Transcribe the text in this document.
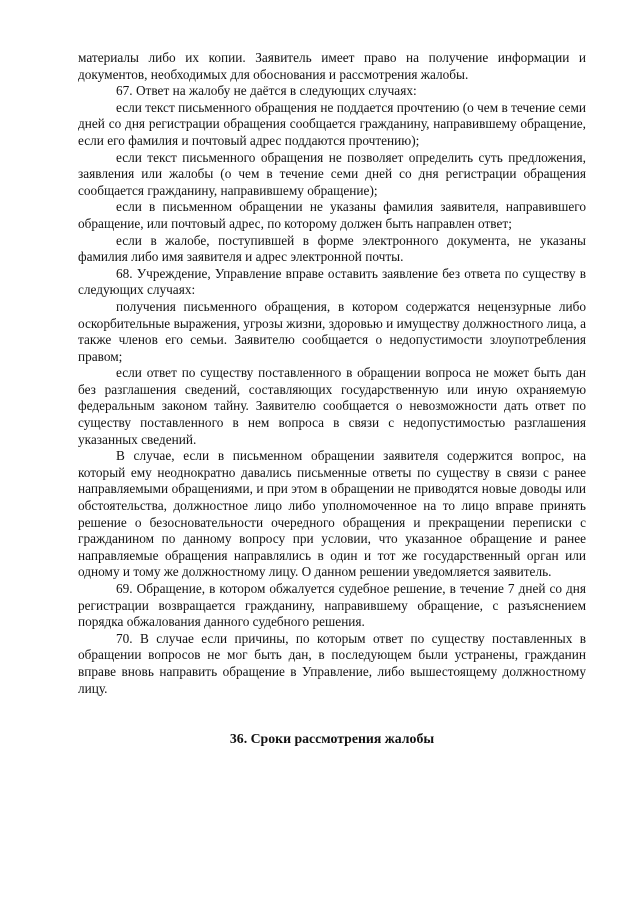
материалы либо их копии. Заявитель имеет право на получение информации и документов, необходимых для обоснования и рассмотрения жалобы.

67. Ответ на жалобу не даётся в следующих случаях:

если текст письменного обращения не поддается прочтению (о чем в течение семи дней со дня регистрации обращения сообщается гражданину, направившему обращение, если его фамилия и почтовый адрес поддаются прочтению);

если текст письменного обращения не позволяет определить суть предложения, заявления или жалобы (о чем в течение семи дней со дня регистрации обращения сообщается гражданину, направившему обращение);

если в письменном обращении не указаны фамилия заявителя, направившего обращение, или почтовый адрес, по которому должен быть направлен ответ;

если в жалобе, поступившей в форме электронного документа, не указаны фамилия либо имя заявителя и адрес электронной почты.

68. Учреждение, Управление вправе оставить заявление без ответа по существу в следующих случаях:

получения письменного обращения, в котором содержатся нецензурные либо оскорбительные выражения, угрозы жизни, здоровью и имуществу должностного лица, а также членов его семьи. Заявителю сообщается о недопустимости злоупотребления правом;

если ответ по существу поставленного в обращении вопроса не может быть дан без разглашения сведений, составляющих государственную или иную охраняемую федеральным законом тайну. Заявителю сообщается о невозможности дать ответ по существу поставленного в нем вопроса в связи с недопустимостью разглашения указанных сведений.

В случае, если в письменном обращении заявителя содержится вопрос, на который ему неоднократно давались письменные ответы по существу в связи с ранее направляемыми обращениями, и при этом в обращении не приводятся новые доводы или обстоятельства, должностное лицо либо уполномоченное на то лицо вправе принять решение о безосновательности очередного обращения и прекращении переписки с гражданином по данному вопросу при условии, что указанное обращение и ранее направляемые обращения направлялись в один и тот же государственный орган или одному и тому же должностному лицу. О данном решении уведомляется заявитель.

69. Обращение, в котором обжалуется судебное решение, в течение 7 дней со дня регистрации возвращается гражданину, направившему обращение, с разъяснением порядка обжалования данного судебного решения.

70. В случае если причины, по которым ответ по существу поставленных в обращении вопросов не мог быть дан, в последующем были устранены, гражданин вправе вновь направить обращение в Управление, либо вышестоящему должностному лицу.

36. Сроки рассмотрения жалобы
